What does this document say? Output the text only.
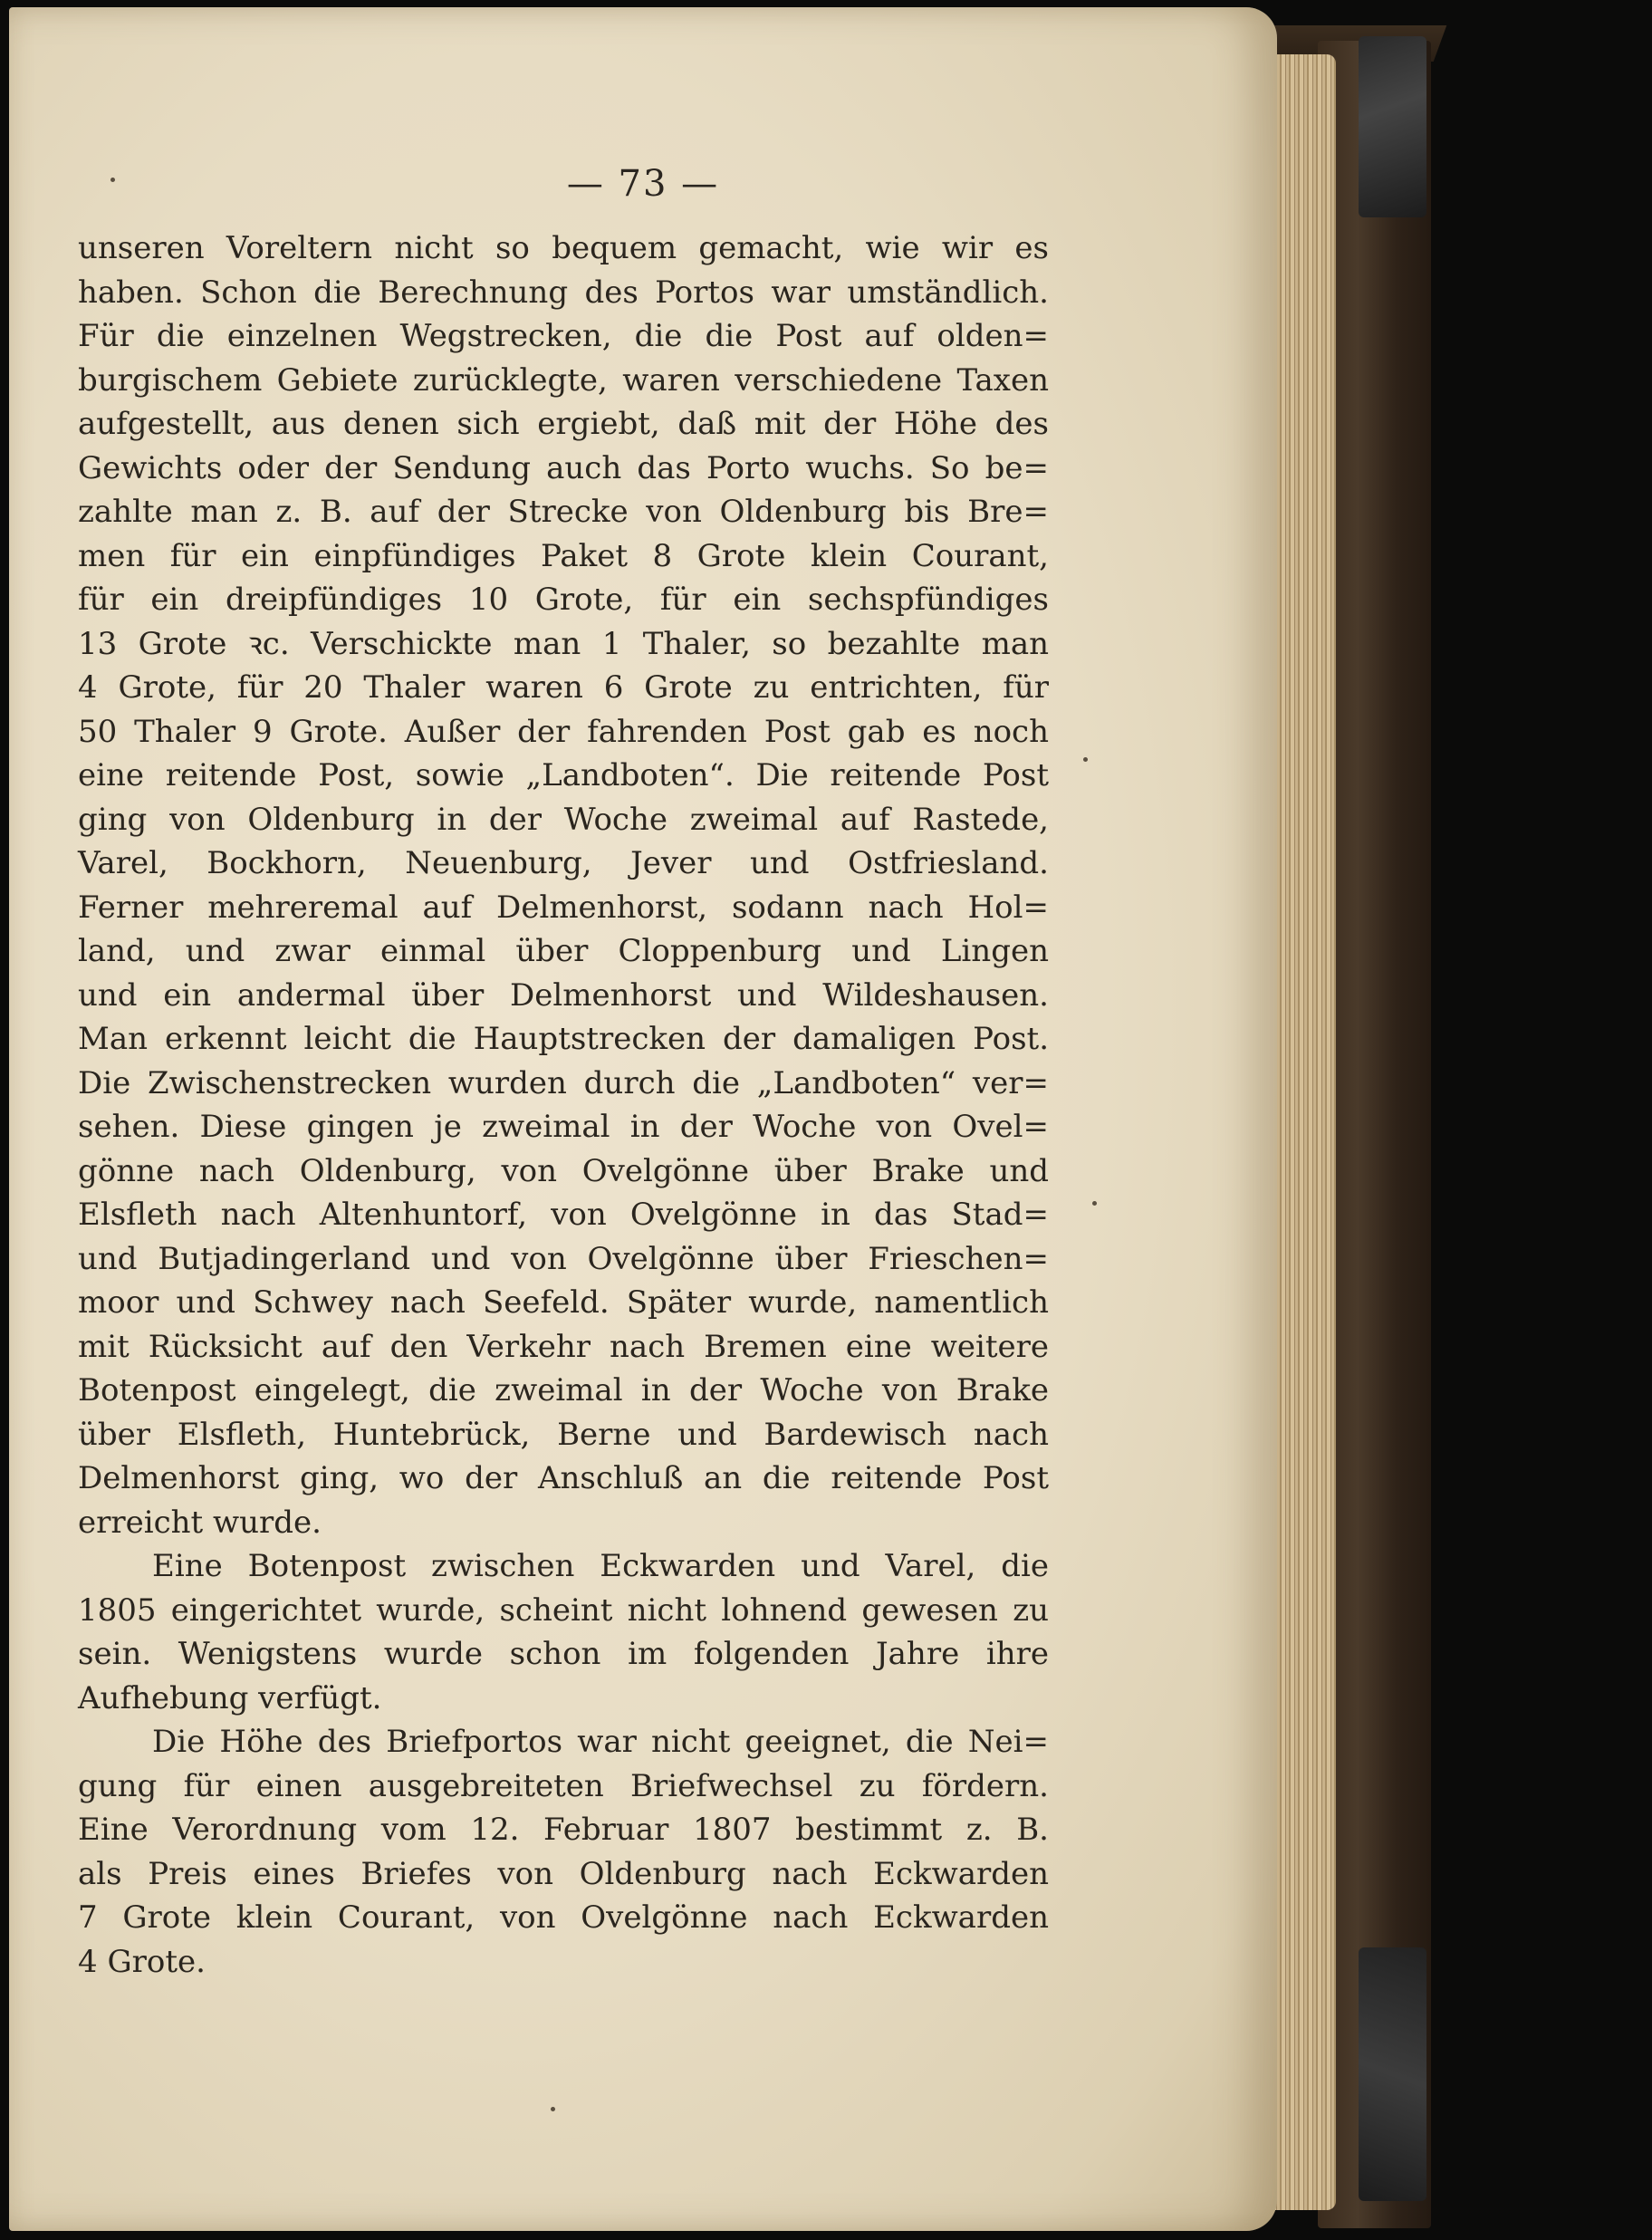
— 73 —
unseren Voreltern nicht so bequem gemacht, wie wir es
haben. Schon die Berechnung des Portos war umständlich.
Für die einzelnen Wegstrecken, die die Post auf olden=
burgischem Gebiete zurücklegte, waren verschiedene Taxen
aufgestellt, aus denen sich ergiebt, daß mit der Höhe des
Gewichts oder der Sendung auch das Porto wuchs. So be=
zahlte man z. B. auf der Strecke von Oldenburg bis Bre=
men für ein einpfündiges Paket 8 Grote klein Courant,
für ein dreipfündiges 10 Grote, für ein sechspfündiges
13 Grote ꝛc. Verschickte man 1 Thaler, so bezahlte man
4 Grote, für 20 Thaler waren 6 Grote zu entrichten, für
50 Thaler 9 Grote. Außer der fahrenden Post gab es noch
eine reitende Post, sowie „Landboten“. Die reitende Post
ging von Oldenburg in der Woche zweimal auf Rastede,
Varel, Bockhorn, Neuenburg, Jever und Ostfriesland.
Ferner mehreremal auf Delmenhorst, sodann nach Hol=
land, und zwar einmal über Cloppenburg und Lingen
und ein andermal über Delmenhorst und Wildeshausen.
Man erkennt leicht die Hauptstrecken der damaligen Post.
Die Zwischenstrecken wurden durch die „Landboten“ ver=
sehen. Diese gingen je zweimal in der Woche von Ovel=
gönne nach Oldenburg, von Ovelgönne über Brake und
Elsfleth nach Altenhuntorf, von Ovelgönne in das Stad=
und Butjadingerland und von Ovelgönne über Frieschen=
moor und Schwey nach Seefeld. Später wurde, namentlich
mit Rücksicht auf den Verkehr nach Bremen eine weitere
Botenpost eingelegt, die zweimal in der Woche von Brake
über Elsfleth, Huntebrück, Berne und Bardewisch nach
Delmenhorst ging, wo der Anschluß an die reitende Post
erreicht wurde.
Eine Botenpost zwischen Eckwarden und Varel, die
1805 eingerichtet wurde, scheint nicht lohnend gewesen zu
sein. Wenigstens wurde schon im folgenden Jahre ihre
Aufhebung verfügt.
Die Höhe des Briefportos war nicht geeignet, die Nei=
gung für einen ausgebreiteten Briefwechsel zu fördern.
Eine Verordnung vom 12. Februar 1807 bestimmt z. B.
als Preis eines Briefes von Oldenburg nach Eckwarden
7 Grote klein Courant, von Ovelgönne nach Eckwarden
4 Grote.
